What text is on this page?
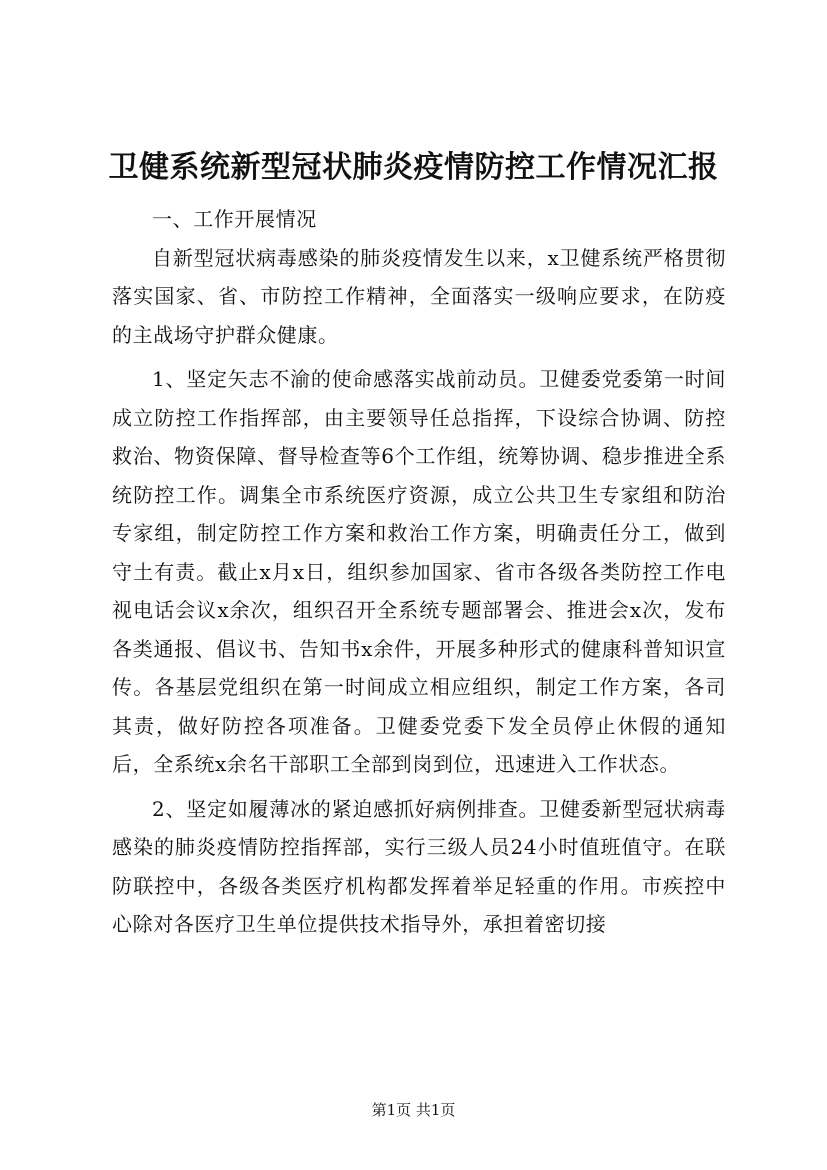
卫健系统新型冠状肺炎疫情防控工作情况汇报

一、工作开展情况

自新型冠状病毒感染的肺炎疫情发生以来，x卫健系统严格贯彻落实国家、省、市防控工作精神，全面落实一级响应要求，在防疫的主战场守护群众健康。

1、坚定矢志不渝的使命感落实战前动员。卫健委党委第一时间成立防控工作指挥部，由主要领导任总指挥，下设综合协调、防控救治、物资保障、督导检查等6个工作组，统筹协调、稳步推进全系统防控工作。调集全市系统医疗资源，成立公共卫生专家组和防治专家组，制定防控工作方案和救治工作方案，明确责任分工，做到守土有责。截止x月x日，组织参加国家、省市各级各类防控工作电视电话会议x余次，组织召开全系统专题部署会、推进会x次，发布各类通报、倡议书、告知书x余件，开展多种形式的健康科普知识宣传。各基层党组织在第一时间成立相应组织，制定工作方案，各司其责，做好防控各项准备。卫健委党委下发全员停止休假的通知后，全系统x余名干部职工全部到岗到位，迅速进入工作状态。

2、坚定如履薄冰的紧迫感抓好病例排查。卫健委新型冠状病毒感染的肺炎疫情防控指挥部，实行三级人员24小时值班值守。在联防联控中，各级各类医疗机构都发挥着举足轻重的作用。市疾控中心除对各医疗卫生单位提供技术指导外，承担着密切接

第1页 共1页
